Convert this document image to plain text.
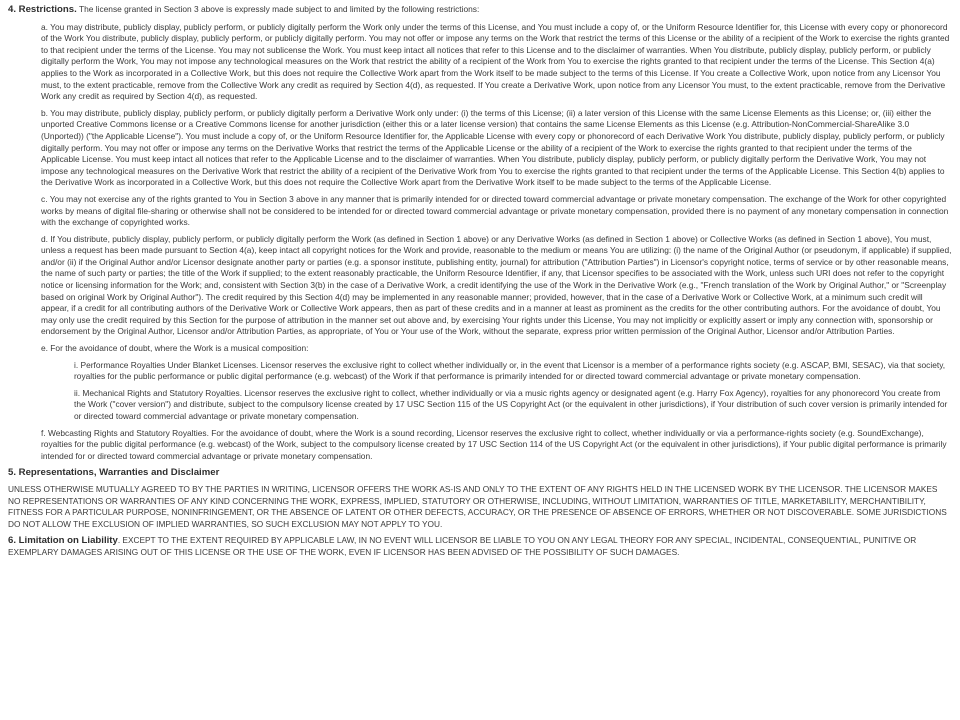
4. Restrictions. The license granted in Section 3 above is expressly made subject to and limited by the following restrictions:

a. You may distribute, publicly display, publicly perform, or publicly digitally perform the Work only under the terms of this License, and You must include a copy of, or the Uniform Resource Identifier for, this License with every copy or phonorecord of the Work You distribute, publicly display, publicly perform, or publicly digitally perform. You may not offer or impose any terms on the Work that restrict the terms of this License or the ability of a recipient of the Work to exercise the rights granted to that recipient under the terms of the License. You may not sublicense the Work. You must keep intact all notices that refer to this License and to the disclaimer of warranties. When You distribute, publicly display, publicly perform, or publicly digitally perform the Work, You may not impose any technological measures on the Work that restrict the ability of a recipient of the Work from You to exercise the rights granted to that recipient under the terms of the License. This Section 4(a) applies to the Work as incorporated in a Collective Work, but this does not require the Collective Work apart from the Work itself to be made subject to the terms of this License. If You create a Collective Work, upon notice from any Licensor You must, to the extent practicable, remove from the Collective Work any credit as required by Section 4(d), as requested. If You create a Derivative Work, upon notice from any Licensor You must, to the extent practicable, remove from the Derivative Work any credit as required by Section 4(d), as requested.

b. You may distribute, publicly display, publicly perform, or publicly digitally perform a Derivative Work only under: (i) the terms of this License; (ii) a later version of this License with the same License Elements as this License; or, (iii) either the unported Creative Commons license or a Creative Commons license for another jurisdiction (either this or a later license version) that contains the same License Elements as this License (e.g. Attribution-NonCommercial-ShareAlike 3.0 (Unported)) ("the Applicable License"). You must include a copy of, or the Uniform Resource Identifier for, the Applicable License with every copy or phonorecord of each Derivative Work You distribute, publicly display, publicly perform, or publicly digitally perform. You may not offer or impose any terms on the Derivative Works that restrict the terms of the Applicable License or the ability of a recipient of the Work to exercise the rights granted to that recipient under the terms of the Applicable License. You must keep intact all notices that refer to the Applicable License and to the disclaimer of warranties. When You distribute, publicly display, publicly perform, or publicly digitally perform the Derivative Work, You may not impose any technological measures on the Derivative Work that restrict the ability of a recipient of the Derivative Work from You to exercise the rights granted to that recipient under the terms of the Applicable License. This Section 4(b) applies to the Derivative Work as incorporated in a Collective Work, but this does not require the Collective Work apart from the Derivative Work itself to be made subject to the terms of the Applicable License.

c. You may not exercise any of the rights granted to You in Section 3 above in any manner that is primarily intended for or directed toward commercial advantage or private monetary compensation. The exchange of the Work for other copyrighted works by means of digital file-sharing or otherwise shall not be considered to be intended for or directed toward commercial advantage or private monetary compensation, provided there is no payment of any monetary compensation in connection with the exchange of copyrighted works.

d. If You distribute, publicly display, publicly perform, or publicly digitally perform the Work (as defined in Section 1 above) or any Derivative Works (as defined in Section 1 above) or Collective Works (as defined in Section 1 above), You must, unless a request has been made pursuant to Section 4(a), keep intact all copyright notices for the Work and provide, reasonable to the medium or means You are utilizing: (i) the name of the Original Author (or pseudonym, if applicable) if supplied, and/or (ii) if the Original Author and/or Licensor designate another party or parties (e.g. a sponsor institute, publishing entity, journal) for attribution ("Attribution Parties") in Licensor's copyright notice, terms of service or by other reasonable means, the name of such party or parties; the title of the Work if supplied; to the extent reasonably practicable, the Uniform Resource Identifier, if any, that Licensor specifies to be associated with the Work, unless such URI does not refer to the copyright notice or licensing information for the Work; and, consistent with Section 3(b) in the case of a Derivative Work, a credit identifying the use of the Work in the Derivative Work (e.g., "French translation of the Work by Original Author," or "Screenplay based on original Work by Original Author"). The credit required by this Section 4(d) may be implemented in any reasonable manner; provided, however, that in the case of a Derivative Work or Collective Work, at a minimum such credit will appear, if a credit for all contributing authors of the Derivative Work or Collective Work appears, then as part of these credits and in a manner at least as prominent as the credits for the other contributing authors. For the avoidance of doubt, You may only use the credit required by this Section for the purpose of attribution in the manner set out above and, by exercising Your rights under this License, You may not implicitly or explicitly assert or imply any connection with, sponsorship or endorsement by the Original Author, Licensor and/or Attribution Parties, as appropriate, of You or Your use of the Work, without the separate, express prior written permission of the Original Author, Licensor and/or Attribution Parties.

e. For the avoidance of doubt, where the Work is a musical composition:

i. Performance Royalties Under Blanket Licenses. Licensor reserves the exclusive right to collect whether individually or, in the event that Licensor is a member of a performance rights society (e.g. ASCAP, BMI, SESAC), via that society, royalties for the public performance or public digital performance (e.g. webcast) of the Work if that performance is primarily intended for or directed toward commercial advantage or private monetary compensation.

ii. Mechanical Rights and Statutory Royalties. Licensor reserves the exclusive right to collect, whether individually or via a music rights agency or designated agent (e.g. Harry Fox Agency), royalties for any phonorecord You create from the Work ("cover version") and distribute, subject to the compulsory license created by 17 USC Section 115 of the US Copyright Act (or the equivalent in other jurisdictions), if Your distribution of such cover version is primarily intended for or directed toward commercial advantage or private monetary compensation.

f. Webcasting Rights and Statutory Royalties. For the avoidance of doubt, where the Work is a sound recording, Licensor reserves the exclusive right to collect, whether individually or via a performance-rights society (e.g. SoundExchange), royalties for the public digital performance (e.g. webcast) of the Work, subject to the compulsory license created by 17 USC Section 114 of the US Copyright Act (or the equivalent in other jurisdictions), if Your public digital performance is primarily intended for or directed toward commercial advantage or private monetary compensation.

5. Representations, Warranties and Disclaimer

UNLESS OTHERWISE MUTUALLY AGREED TO BY THE PARTIES IN WRITING, LICENSOR OFFERS THE WORK AS-IS AND ONLY TO THE EXTENT OF ANY RIGHTS HELD IN THE LICENSED WORK BY THE LICENSOR. THE LICENSOR MAKES NO REPRESENTATIONS OR WARRANTIES OF ANY KIND CONCERNING THE WORK, EXPRESS, IMPLIED, STATUTORY OR OTHERWISE, INCLUDING, WITHOUT LIMITATION, WARRANTIES OF TITLE, MARKETABILITY, MERCHANTIBILITY, FITNESS FOR A PARTICULAR PURPOSE, NONINFRINGEMENT, OR THE ABSENCE OF LATENT OR OTHER DEFECTS, ACCURACY, OR THE PRESENCE OF ABSENCE OF ERRORS, WHETHER OR NOT DISCOVERABLE. SOME JURISDICTIONS DO NOT ALLOW THE EXCLUSION OF IMPLIED WARRANTIES, SO SUCH EXCLUSION MAY NOT APPLY TO YOU.

6. Limitation on Liability. EXCEPT TO THE EXTENT REQUIRED BY APPLICABLE LAW, IN NO EVENT WILL LICENSOR BE LIABLE TO YOU ON ANY LEGAL THEORY FOR ANY SPECIAL, INCIDENTAL, CONSEQUENTIAL, PUNITIVE OR EXEMPLARY DAMAGES ARISING OUT OF THIS LICENSE OR THE USE OF THE WORK, EVEN IF LICENSOR HAS BEEN ADVISED OF THE POSSIBILITY OF SUCH DAMAGES.
